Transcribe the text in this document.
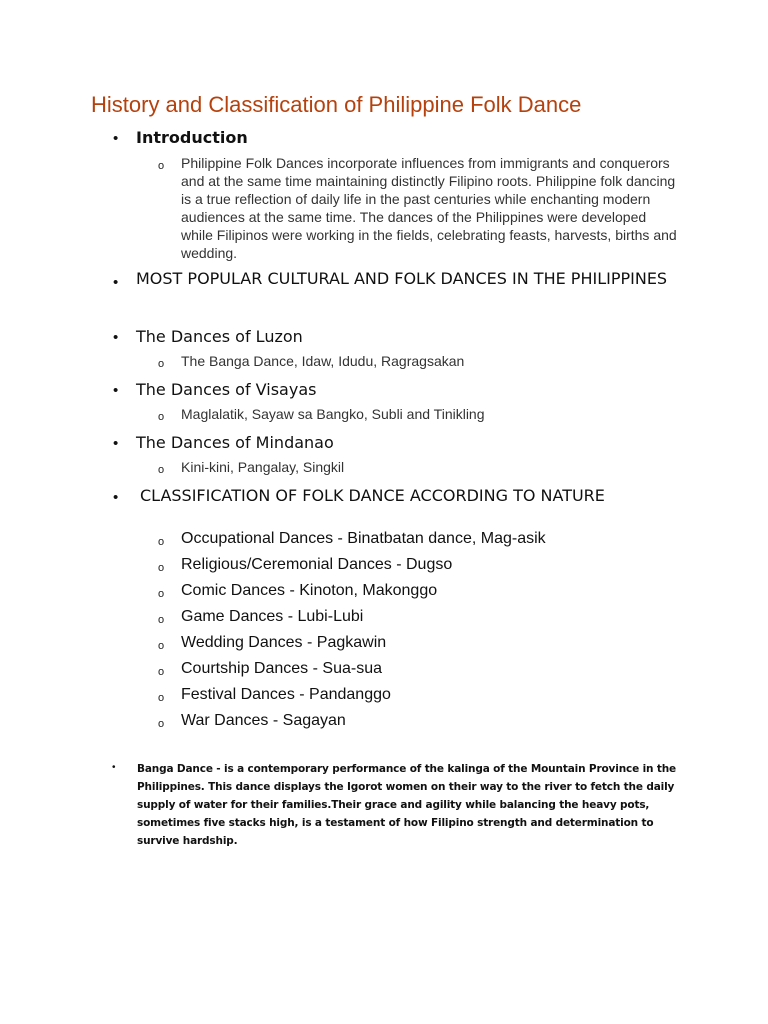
History and Classification of Philippine Folk Dance
• Introduction
o Philippine Folk Dances incorporate influences from immigrants and conquerors and at the same time maintaining distinctly Filipino roots. Philippine folk dancing is a true reflection of daily life in the past centuries while enchanting modern audiences at the same time. The dances of the Philippines were developed while Filipinos were working in the fields, celebrating feasts, harvests, births and wedding.

• MOST POPULAR CULTURAL AND FOLK DANCES IN THE PHILIPPINES
• The Dances of Luzon
o The Banga Dance, Idaw, Idudu, Ragragsakan

• The Dances of Visayas
o Maglalatik, Sayaw sa Bangko, Subli and Tinikling

• The Dances of Mindanao
o Kini-kini, Pangalay, Singkil

• CLASSIFICATION OF FOLK DANCE ACCORDING TO NATURE
o Occupational Dances - Binatbatan dance, Mag-asik

o Religious/Ceremonial Dances - Dugso

o Comic Dances - Kinoton, Makonggo

o Game Dances - Lubi-Lubi

o Wedding Dances - Pagkawin

o Courtship Dances - Sua-sua

o Festival Dances - Pandanggo

o War Dances - Sagayan

• Banga Dance - is a contemporary performance of the kalinga of the Mountain Province in the Philippines. This dance displays the Igorot women on their way to the river to fetch the daily supply of water for their families.Their grace and agility while balancing the heavy pots, sometimes five stacks high, is a testament of how Filipino strength and determination to survive hardship.
